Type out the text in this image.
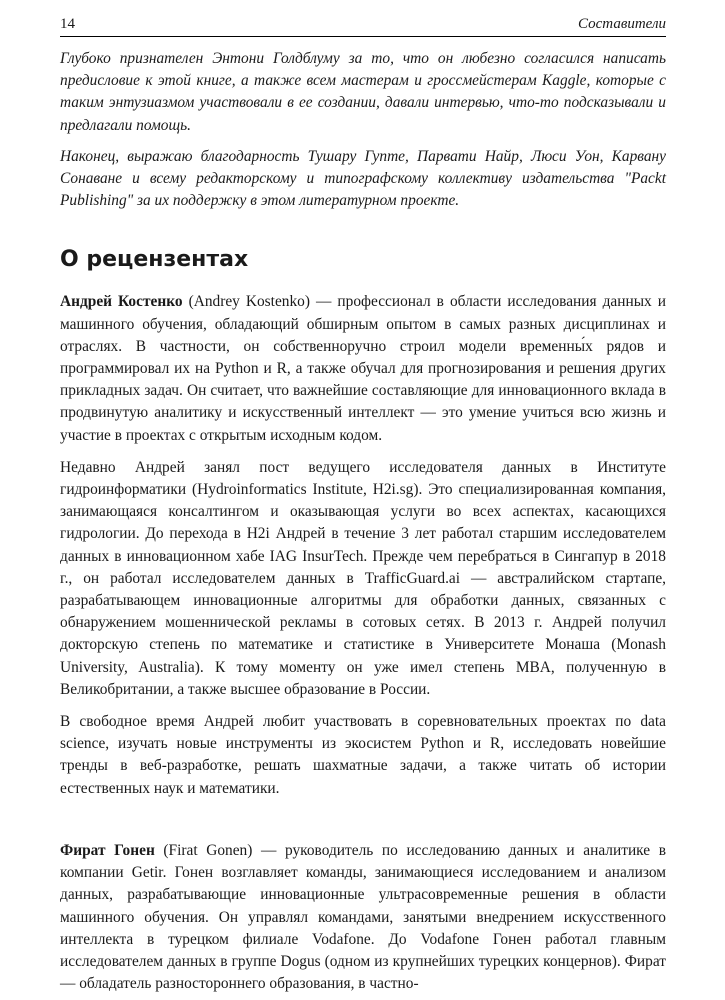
14	Составители

Глубоко признателен Энтони Голдблуму за то, что он любезно согласился написать предисловие к этой книге, а также всем мастерам и гроссмейстерам Kaggle, которые с таким энтузиазмом участвовали в ее создании, давали интервью, что-то подсказывали и предлагали помощь.

Наконец, выражаю благодарность Тушару Гупте, Парвати Найр, Люси Уон, Карвану Сонаване и всему редакторскому и типографскому коллективу издательства "Packt Publishing" за их поддержку в этом литературном проекте.

О рецензентах

Андрей Костенко (Andrey Kostenko) — профессионал в области исследования данных и машинного обучения, обладающий обширным опытом в самых разных дисциплинах и отраслях. В частности, он собственноручно строил модели временны́х рядов и программировал их на Python и R, а также обучал для прогнозирования и решения других прикладных задач. Он считает, что важнейшие составляющие для инновационного вклада в продвинутую аналитику и искусственный интеллект — это умение учиться всю жизнь и участие в проектах с открытым исходным кодом.

Недавно Андрей занял пост ведущего исследователя данных в Институте гидроинформатики (Hydroinformatics Institute, H2i.sg). Это специализированная компания, занимающаяся консалтингом и оказывающая услуги во всех аспектах, касающихся гидрологии. До перехода в H2i Андрей в течение 3 лет работал старшим исследователем данных в инновационном хабе IAG InsurTech. Прежде чем перебраться в Сингапур в 2018 г., он работал исследователем данных в TrafficGuard.ai — австралийском стартапе, разрабатывающем инновационные алгоритмы для обработки данных, связанных с обнаружением мошеннической рекламы в сотовых сетях. В 2013 г. Андрей получил докторскую степень по математике и статистике в Университете Монаша (Monash University, Australia). К тому моменту он уже имел степень MBA, полученную в Великобритании, а также высшее образование в России.

В свободное время Андрей любит участвовать в соревновательных проектах по data science, изучать новые инструменты из экосистем Python и R, исследовать новейшие тренды в веб-разработке, решать шахматные задачи, а также читать об истории естественных наук и математики.

Фират Гонен (Firat Gonen) — руководитель по исследованию данных и аналитике в компании Getir. Гонен возглавляет команды, занимающиеся исследованием и анализом данных, разрабатывающие инновационные ультрасовременные решения в области машинного обучения. Он управлял командами, занятыми внедрением искусственного интеллекта в турецком филиале Vodafone. До Vodafone Гонен работал главным исследователем данных в группе Dogus (одном из крупнейших турецких концернов). Фират — обладатель разностороннего образования, в частно-
